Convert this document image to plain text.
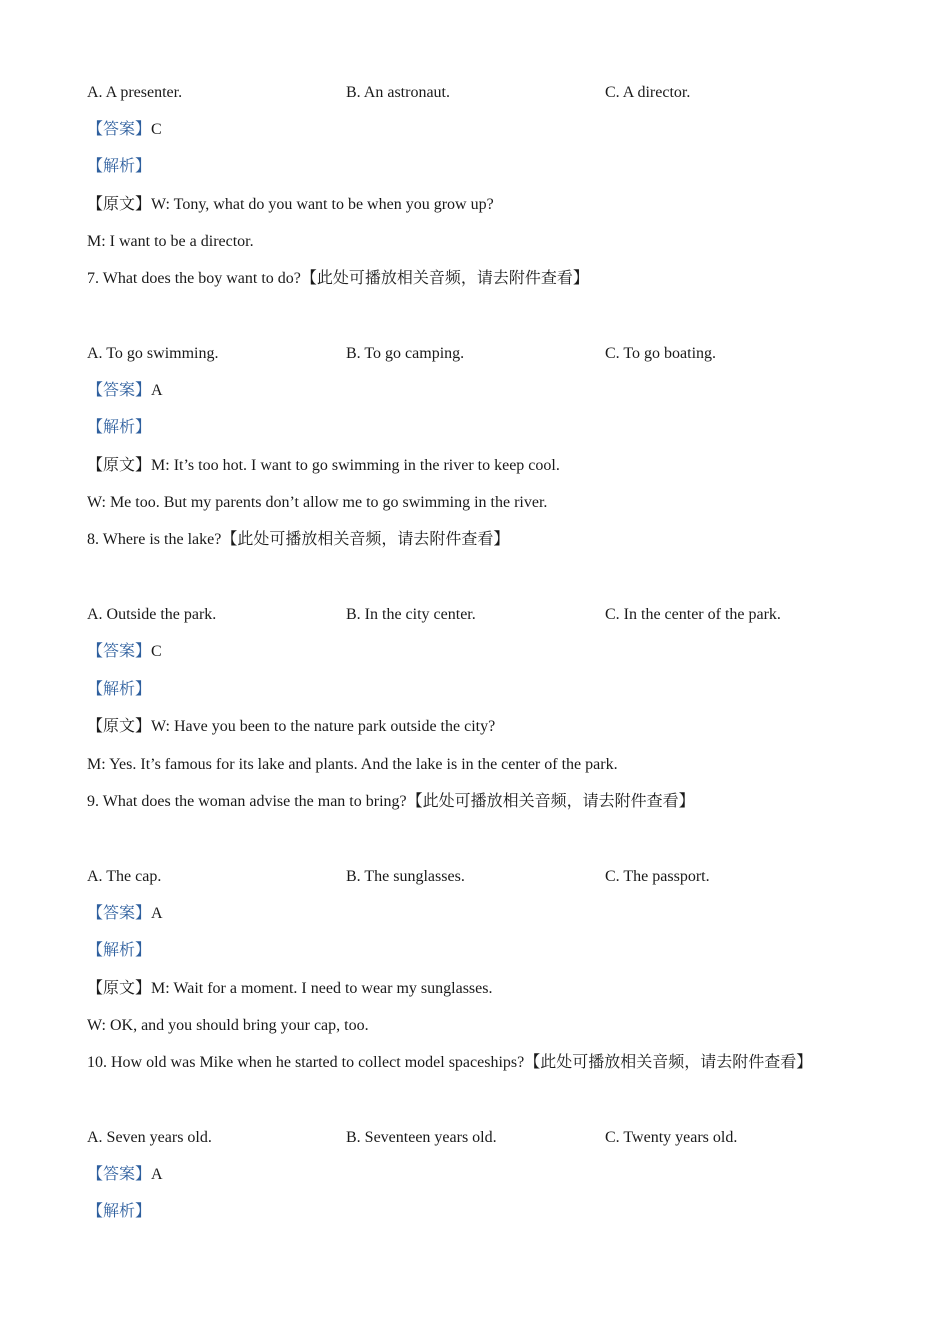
A. A presenter.	B. An astronaut.	C. A director.
【答案】C
【解析】
【原文】W: Tony, what do you want to be when you grow up?
M: I want to be a director.
7. What does the boy want to do?【此处可播放相关音频，请去附件查看】
A. To go swimming.	B. To go camping.	C. To go boating.
【答案】A
【解析】
【原文】M: It’s too hot. I want to go swimming in the river to keep cool.
W: Me too. But my parents don’t allow me to go swimming in the river.
8. Where is the lake?【此处可播放相关音频，请去附件查看】
A. Outside the park.	B. In the city center.	C. In the center of the park.
【答案】C
【解析】
【原文】W: Have you been to the nature park outside the city?
M: Yes. It’s famous for its lake and plants. And the lake is in the center of the park.
9. What does the woman advise the man to bring?【此处可播放相关音频，请去附件查看】
A. The cap.	B. The sunglasses.	C. The passport.
【答案】A
【解析】
【原文】M: Wait for a moment. I need to wear my sunglasses.
W: OK, and you should bring your cap, too.
10. How old was Mike when he started to collect model spaceships?【此处可播放相关音频，请去附件查看】
A. Seven years old.	B. Seventeen years old.	C. Twenty years old.
【答案】A
【解析】
